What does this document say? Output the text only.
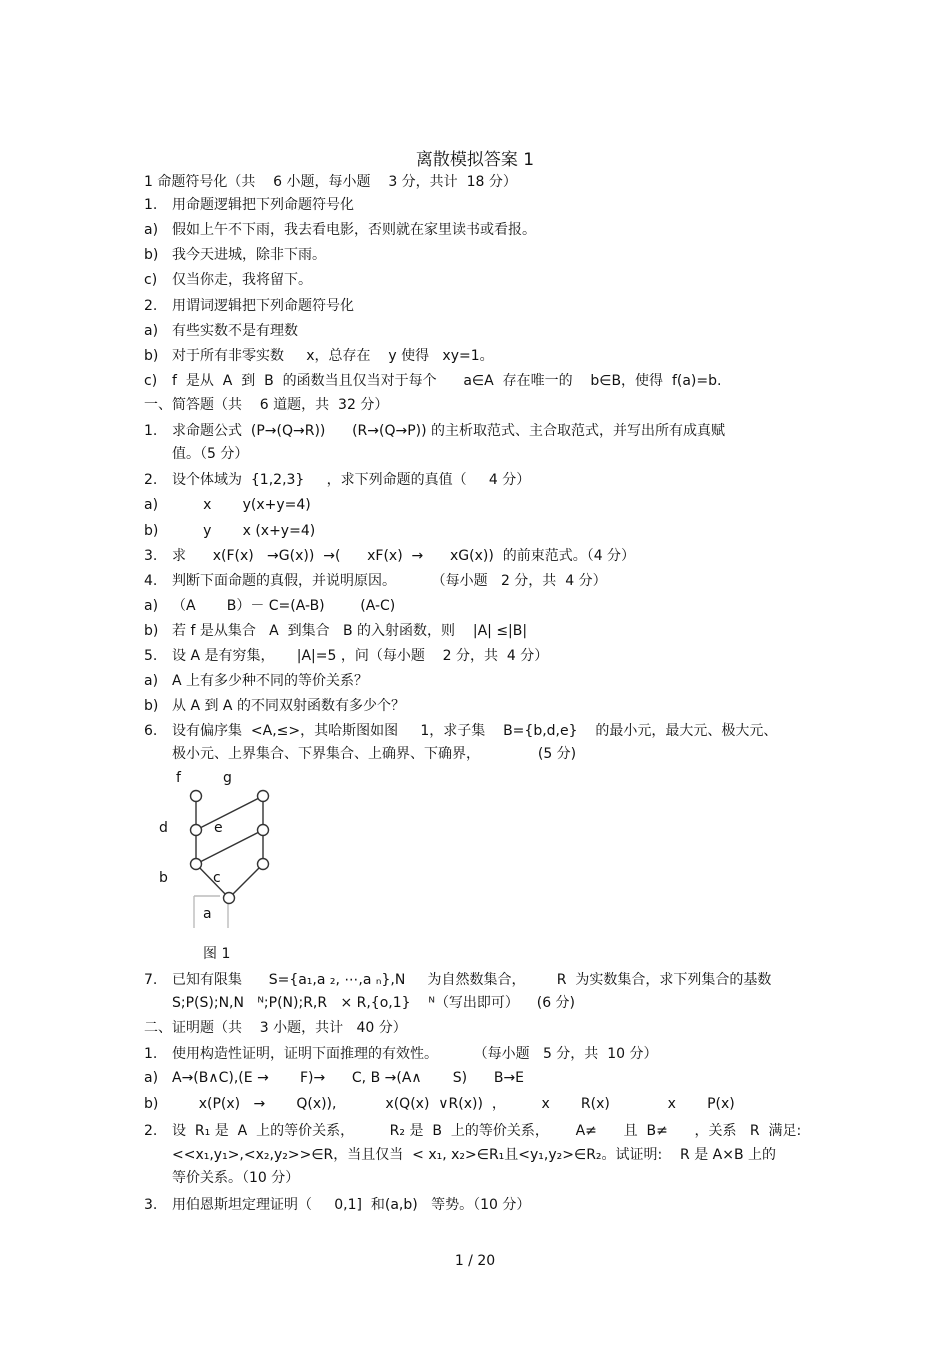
离散模拟答案 1
1 命题符号化（共    6 小题，每小题    3 分，共计  18 分）
1. 用命题逻辑把下列命题符号化
a) 假如上午不下雨，我去看电影，否则就在家里读书或看报。
b) 我今天进城，除非下雨。
c) 仅当你走，我将留下。
2. 用谓词逻辑把下列命题符号化
a) 有些实数不是有理数
b) 对于所有非零实数     x，总存在    y 使得   xy=1。
c) f  是从  A  到  B  的函数当且仅当对于每个      a∈A  存在唯一的    b∈B，使得  f(a)=b.
一、简答题（共    6 道题，共  32 分）
1. 求命题公式  (P→(Q→R))      (R→(Q→P)) 的主析取范式、主合取范式，并写出所有成真赋
值。（5 分）
2. 设个体域为  {1,2,3}     ，求下列命题的真值（     4 分）
a)       x       y(x+y=4)
b)       y       x (x+y=4)
3. 求      x(F(x)   →G(x))  →(      xF(x)  →      xG(x))  的前束范式。（4 分）
4. 判断下面命题的真假，并说明原因。        （每小题   2 分，共  4 分）
a) （A       B）－ C=(A-B)        (A-C)
b) 若 f 是从集合   A  到集合   B 的入射函数，则    |A| ≤|B|
5. 设 A 是有穷集，     |A|=5 ，问（每小题    2 分，共  4 分）
a) A 上有多少种不同的等价关系？
b) 从 A 到 A 的不同双射函数有多少个？
6. 设有偏序集  <A,≤>，其哈斯图如图     1，求子集    B={b,d,e}    的最小元，最大元、极大元、
极小元、上界集合、下界集合、上确界、下确界，             (5 分)
7. 已知有限集      S={a₁,a ₂, ⋯,a ₙ},N     为自然数集合，       R  为实数集合，求下列集合的基数
S;P(S);N,N   ᴺ;P(N);R,R   × R,{o,1}    ᴺ（写出即可）    (6 分)
二、证明题（共    3 小题，共计   40 分）
1. 使用构造性证明，证明下面推理的有效性。        （每小题   5 分，共  10 分）
a) A→(B∧C),(E →       F)→      C, B →(A∧       S)      B→E
b)      x(P(x)   →       Q(x)),           x(Q(x)  ∨R(x))  ，        x       R(x)             x       P(x)
2. 设  R₁ 是  A  上的等价关系，        R₂ 是  B  上的等价关系，      A≠      且  B≠      ，关系   R  满足:
<<x₁,y₁>,<x₂,y₂>>∈R，当且仅当  < x₁, x₂>∈R₁且<y₁,y₂>∈R₂。试证明:    R 是 A×B 上的
等价关系。（10 分）
3. 用伯恩斯坦定理证明（     0,1]  和(a,b)   等势。（10 分）
f	g
d	e
b	c
a
图 1
1 / 20
